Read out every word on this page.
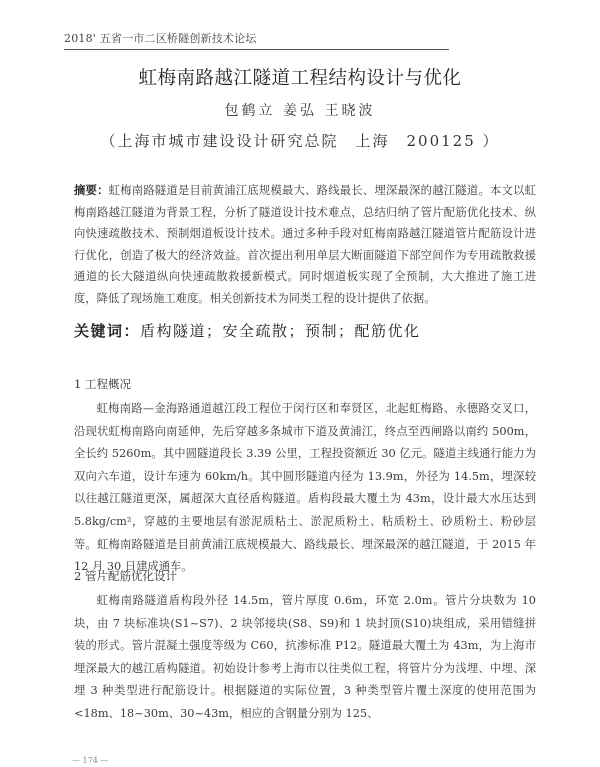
2018' 五省一市二区桥隧创新技术论坛
虹梅南路越江隧道工程结构设计与优化
包鹤立 姜弘 王晓波
（上海市城市建设设计研究总院　上海　200125 ）
摘要：虹梅南路隧道是目前黄浦江底规模最大、路线最长、埋深最深的越江隧道。本文以虹梅南路越江隧道为背景工程，分析了隧道设计技术难点，总结归纳了管片配筋优化技术、纵向快速疏散技术、预制烟道板设计技术。通过多种手段对虹梅南路越江隧道管片配筋设计进行优化，创造了极大的经济效益。首次提出利用单层大断面隧道下部空间作为专用疏散救援通道的长大隧道纵向快速疏散救援新模式。同时烟道板实现了全预制，大大推进了施工进度，降低了现场施工难度。相关创新技术为同类工程的设计提供了依据。
关键词：盾构隧道；安全疏散；预制；配筋优化
1 工程概况
虹梅南路—金海路通道越江段工程位于闵行区和奉贤区，北起虹梅路、永德路交叉口，沿现状虹梅南路向南延伸，先后穿越多条城市下道及黄浦江，终点至西闸路以南约 500m，全长约 5260m。其中圆隧道段长 3.39 公里，工程投资额近 30 亿元。隧道主线通行能力为双向六车道，设计车速为 60km/h。其中圆形隧道内径为 13.9m，外径为 14.5m，埋深较以往越江隧道更深，属超深大直径盾构隧道。盾构段最大覆土为 43m，设计最大水压达到 5.8kg/cm²，穿越的主要地层有淤泥质粘土、淤泥质粉土、粘质粉土、砂质粉土、粉砂层等。虹梅南路隧道是目前黄浦江底规模最大、路线最长、埋深最深的越江隧道，于 2015 年 12 月 30 日建成通车。
2 管片配筋优化设计
虹梅南路隧道盾构段外径 14.5m，管片厚度 0.6m，环宽 2.0m。管片分块数为 10 块，由 7 块标准块(S1~S7)、2 块邻接块(S8、S9)和 1 块封顶(S10)块组成，采用错缝拼装的形式。管片混凝土强度等级为 C60，抗渗标准 P12。隧道最大覆土为 43m，为上海市埋深最大的越江盾构隧道。初始设计参考上海市以往类似工程，将管片分为浅埋、中埋、深埋 3 种类型进行配筋设计。根据隧道的实际位置，3 种类型管片覆土深度的使用范围为<18m、18~30m、30~43m，相应的含钢量分别为 125、
— 174 —
